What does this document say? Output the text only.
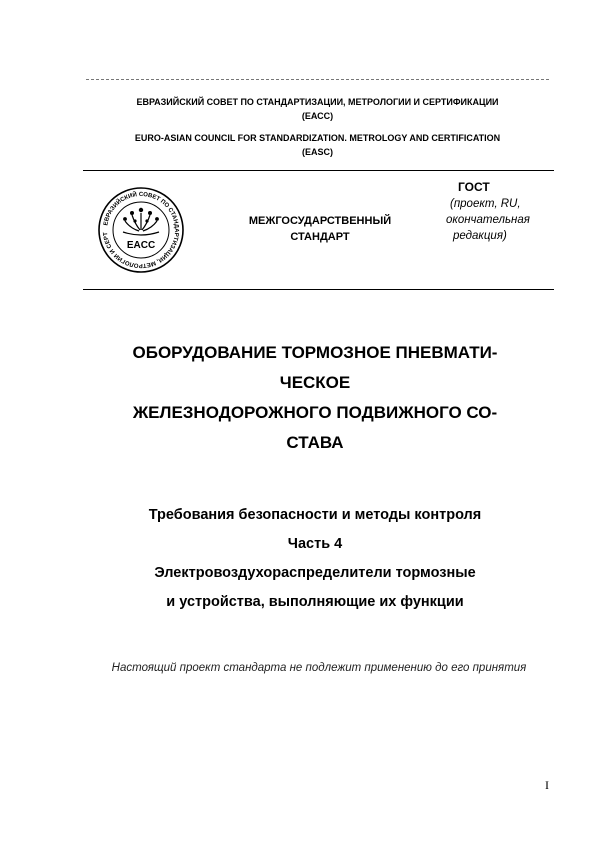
ЕВРАЗИЙСКИЙ СОВЕТ ПО СТАНДАРТИЗАЦИИ, МЕТРОЛОГИИ И СЕРТИФИКАЦИИ
(ЕАСС)
EURO-ASIAN COUNCIL FOR STANDARDIZATION. METROLOGY AND CERTIFICATION
(EASC)
ЕВРАЗИЙСКИЙ СОВЕТ ПО СТАНДАРТИЗАЦИИ, МЕТРОЛОГИИ И СЕРТ
EACC
МЕЖГОСУДАРСТВЕННЫЙ
СТАНДАРТ
ГОСТ
(проект, RU,
окончательная
редакция)
ОБОРУДОВАНИЕ ТОРМОЗНОЕ ПНЕВМАТИ-
ЧЕСКОЕ
ЖЕЛЕЗНОДОРОЖНОГО ПОДВИЖНОГО СО-
СТАВА
Требования безопасности и методы контроля
Часть 4
Электровоздухораспределители тормозные
и устройства, выполняющие их функции
Настоящий проект стандарта не подлежит применению до его принятия
I
